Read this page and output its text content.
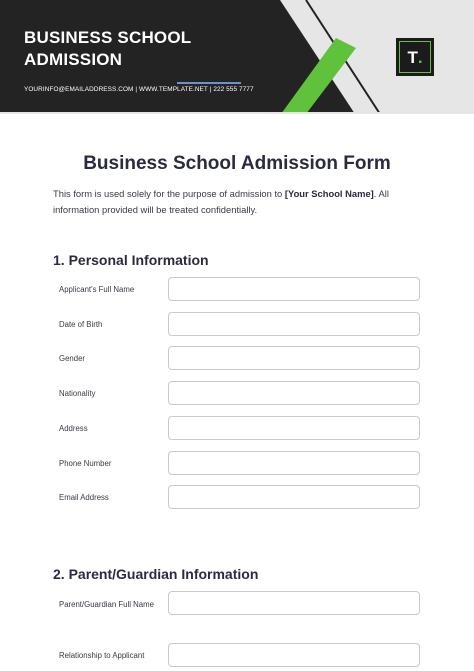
BUSINESS SCHOOL
ADMISSION
YOURINFO@EMAILADDRESS.COM | WWW.TEMPLATE.NET | 222 555 7777
T .
Business School Admission Form
This form is used solely for the purpose of admission to [Your School Name]. All information provided will be treated confidentially.
1. Personal Information
Applicant's Full Name
Date of Birth
Gender
Nationality
Address
Phone Number
Email Address
2. Parent/Guardian Information
Parent/Guardian Full Name
Relationship to Applicant
